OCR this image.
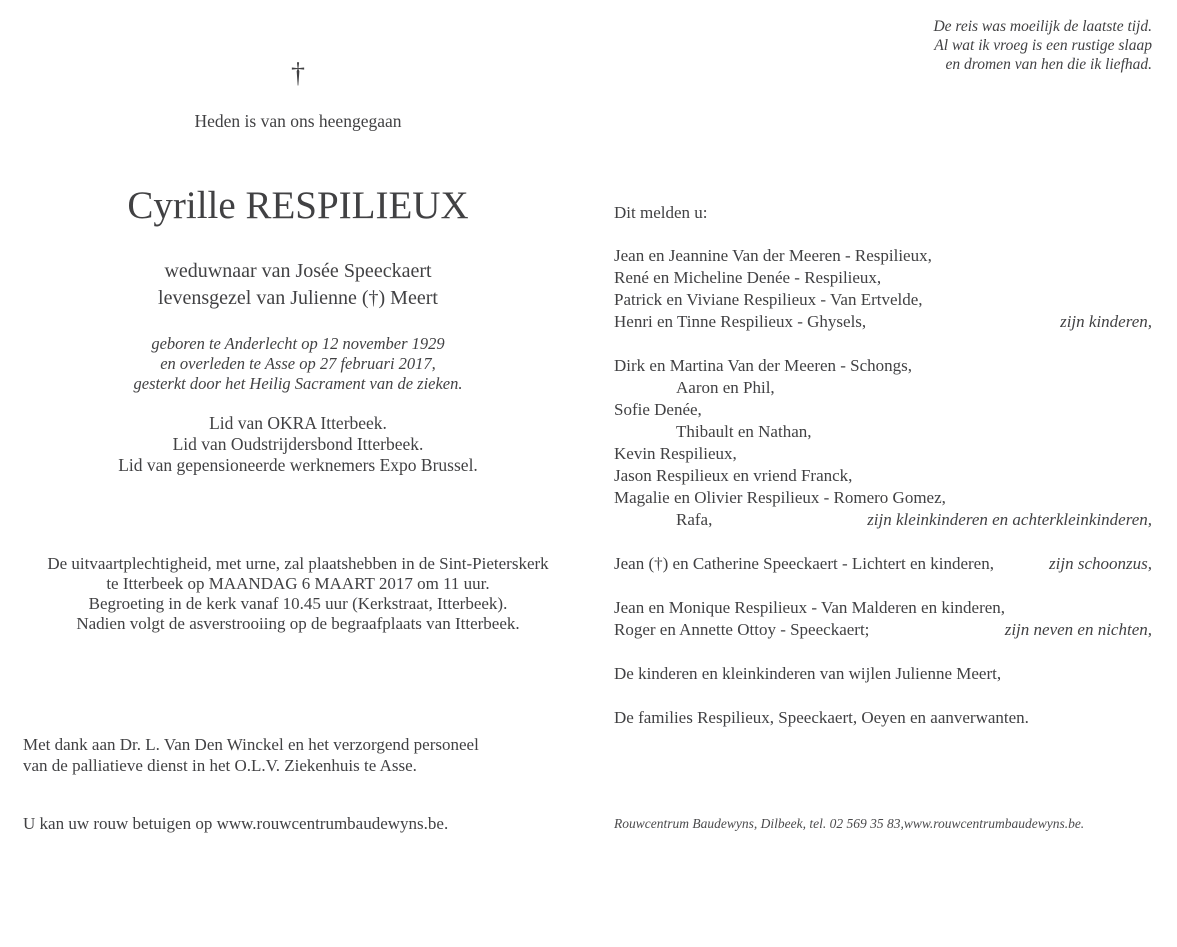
De reis was moeilijk de laatste tijd.
Al wat ik vroeg is een rustige slaap
en dromen van hen die ik liefhad.
†
Heden is van ons heengegaan
Cyrille RESPILIEUX
weduwnaar van Josée Speeckaert
levensgezel van Julienne (†) Meert
geboren te Anderlecht op 12 november 1929
en overleden te Asse op 27 februari 2017,
gesterkt door het Heilig Sacrament van de zieken.
Lid van OKRA Itterbeek.
Lid van Oudstrijdersbond Itterbeek.
Lid van gepensioneerde werknemers Expo Brussel.
De uitvaartplechtigheid, met urne, zal plaatshebben in de Sint-Pieterskerk
te Itterbeek op MAANDAG 6 MAART 2017 om 11 uur.
Begroeting in de kerk vanaf 10.45 uur (Kerkstraat, Itterbeek).
Nadien volgt de asverstrooiing op de begraafplaats van Itterbeek.
Met dank aan Dr. L. Van Den Winckel en het verzorgend personeel
van de palliatieve dienst in het O.L.V. Ziekenhuis te Asse.
U kan uw rouw betuigen op www.rouwcentrumbaudewyns.be.
Dit melden u:
Jean en Jeannine Van der Meeren - Respilieux,
René en Micheline Denée - Respilieux,
Patrick en Viviane Respilieux - Van Ertvelde,
Henri en Tinne Respilieux - Ghysels,	zijn kinderen,
Dirk en Martina Van der Meeren - Schongs,
Aaron en Phil,
Sofie Denée,
Thibault en Nathan,
Kevin Respilieux,
Jason Respilieux en vriend Franck,
Magalie en Olivier Respilieux - Romero Gomez,
Rafa,	zijn kleinkinderen en achterkleinkinderen,
Jean (†) en Catherine Speeckaert - Lichtert en kinderen,	zijn schoonzus,
Jean en Monique Respilieux - Van Malderen en kinderen,
Roger en Annette Ottoy - Speeckaert;	zijn neven en nichten,
De kinderen en kleinkinderen van wijlen Julienne Meert,
De families Respilieux, Speeckaert, Oeyen en aanverwanten.
Rouwcentrum Baudewyns, Dilbeek, tel. 02 569 35 83,www.rouwcentrumbaudewyns.be.
